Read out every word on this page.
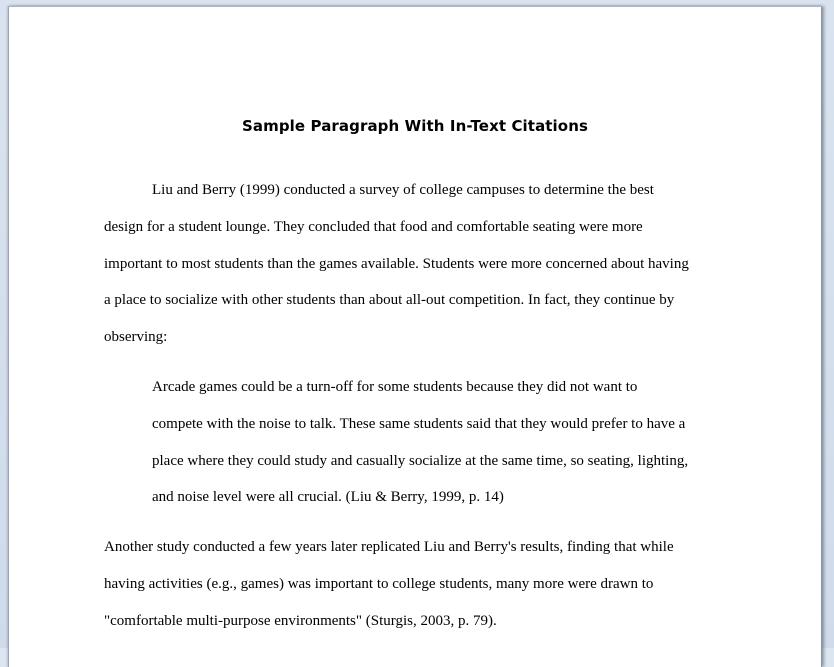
Sample Paragraph With In-Text Citations
Liu and Berry (1999) conducted a survey of college campuses to determine the best
design for a student lounge. They concluded that food and comfortable seating were more
important to most students than the games available. Students were more concerned about having
a place to socialize with other students than about all-out competition. In fact, they continue by
observing:
Arcade games could be a turn-off for some students because they did not want to
compete with the noise to talk. These same students said that they would prefer to have a
place where they could study and casually socialize at the same time, so seating, lighting,
and noise level were all crucial. (Liu & Berry, 1999, p. 14)
Another study conducted a few years later replicated Liu and Berry's results, finding that while
having activities (e.g., games) was important to college students, many more were drawn to
"comfortable multi-purpose environments" (Sturgis, 2003, p. 79).
